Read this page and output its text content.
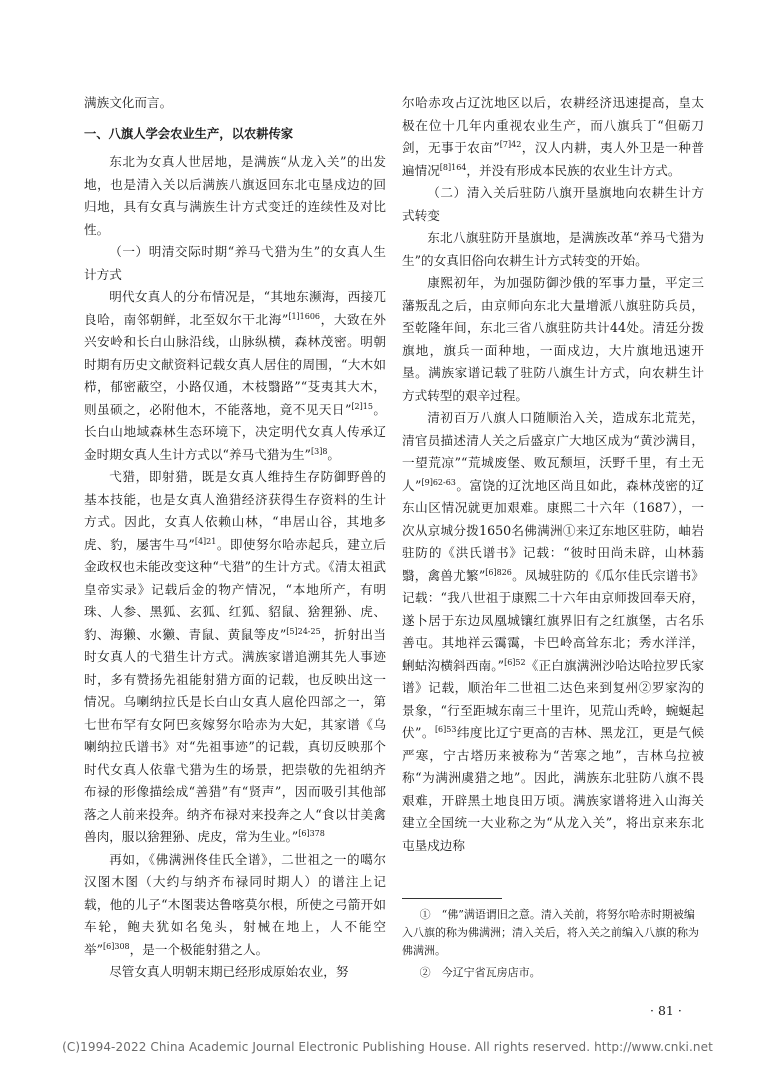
满族文化而言。

一、八旗人学会农业生产，以农耕传家

东北为女真人世居地，是满族“从龙入关”的出发地，也是清入关以后满族八旗返回东北屯垦戍边的回归地，具有女真与满族生计方式变迁的连续性及对比性。

（一）明清交际时期“养马弋猎为生”的女真人生计方式

明代女真人的分布情况是，“其地东濒海，西接兀良哈，南邻朝鲜，北至奴尔干北海”$^{[1]1606}$，大致在外兴安岭和长白山脉沿线，山脉纵横，森林茂密。明朝时期有历史文献资料记载女真人居住的周围，“大木如栉，郁密蔽空，小路仅通，木枝翳路”“芟夷其大木，则虽硕之，必附他木，不能落地，竟不见天日”$^{[2]15}$。长白山地域森林生态环境下，决定明代女真人传承辽金时期女真人生计方式以“养马弋猎为生”$^{[3]8}$。

弋猎，即射猎，既是女真人维持生存防御野兽的基本技能，也是女真人渔猎经济获得生存资料的生计方式。因此，女真人依赖山林，“串居山谷，其地多虎、豹，屡害牛马”$^{[4]21}$。即使努尔哈赤起兵，建立后金政权也未能改变这种“弋猎”的生计方式。《清太祖武皇帝实录》记载后金的物产情况，“本地所产，有明珠、人参、黑狐、玄狐、红狐、貂鼠、猞狸狲、虎、豹、海獭、水獭、青鼠、黄鼠等皮”$^{[5]24-25}$，折射出当时女真人的弋猎生计方式。满族家谱追溯其先人事迹时，多有赞扬先祖能射猎方面的记载，也反映出这一情况。乌喇纳拉氏是长白山女真人扈伦四部之一，第七世布罕有女阿巴亥嫁努尔哈赤为大妃，其家谱《乌喇纳拉氏谱书》对“先祖事迹”的记载，真切反映那个时代女真人依靠弋猎为生的场景，把崇敬的先祖纳齐布禄的形像描绘成“善猎”有“贤声”，因而吸引其他部落之人前来投奔。纳齐布禄对来投奔之人“食以甘美禽兽肉，服以猞狸狲、虎皮，常为生业。”$^{[6]378}$

再如，《佛满洲佟佳氏全谱》，二世祖之一的噶尔汉图木图（大约与纳齐布禄同时期人）的谱注上记载，他的儿子“木图裴达鲁喀莫尔根，所使之弓箭开如车轮，鲍夫犹如名兔头，射械在地上，人不能空举”$^{[6]308}$，是一个极能射猎之人。

尽管女真人明朝末期已经形成原始农业，努

尔哈赤攻占辽沈地区以后，农耕经济迅速提高，皇太极在位十几年内重视农业生产，而八旗兵丁“但砺刀剑，无事于农亩”$^{[7]42}$，汉人内耕，夷人外卫是一种普遍情况$^{[8]164}$，并没有形成本民族的农业生计方式。

（二）清入关后驻防八旗开垦旗地向农耕生计方式转变

东北八旗驻防开垦旗地，是满族改革“养马弋猎为生”的女真旧俗向农耕生计方式转变的开始。

康熙初年，为加强防御沙俄的军事力量，平定三藩叛乱之后，由京师向东北大量增派八旗驻防兵员，至乾隆年间，东北三省八旗驻防共计44处。清廷分拨旗地，旗兵一面种地，一面戍边，大片旗地迅速开垦。满族家谱记载了驻防八旗生计方式，向农耕生计方式转型的艰辛过程。

清初百万八旗人口随顺治入关，造成东北荒芜，清官员描述清人关之后盛京广大地区成为“黄沙满目，一望荒凉”“荒城废堡、败瓦颓垣，沃野千里，有土无人”$^{[9]62-63}$。富饶的辽沈地区尚且如此，森林茂密的辽东山区情况就更加艰难。康熙二十六年（1687），一次从京城分拨1650名佛满洲①来辽东地区驻防，岫岩驻防的《洪氏谱书》记载：“彼时田尚未辟，山林蓊翳，禽兽尤繁”$^{[6]826}$。凤城驻防的《瓜尔佳氏宗谱书》记载：“我八世祖于康熙二十六年由京师拨回奉天府，遂卜居于东边凤凰城镶红旗界旧有之红旗堡，古名乐善屯。其地祥云霭霭，卡巴岭高耸东北；秀水洋洋，蜊蛄沟横斜西南。”$^{[6]52}$《正白旗满洲沙哈达哈拉罗氏家谱》记载，顺治年二世祖二达色来到复州②罗家沟的景象，“行至距城东南三十里许，见荒山秃岭，蜿蜒起伏”。$^{[6]53}$纬度比辽宁更高的吉林、黑龙江，更是气候严寒，宁古塔历来被称为“苦寒之地”，吉林乌拉被称“为满洲虞猎之地”。因此，满族东北驻防八旗不畏艰难，开辟黑土地良田万顷。满族家谱将进入山海关建立全国统一大业称之为“从龙入关”，将出京来东北屯垦戍边称

①　“佛”满语谓旧之意。清入关前，将努尔哈赤时期被编入八旗的称为佛满洲；清入关后，将入关之前编入八旗的称为佛满洲。

②　今辽宁省瓦房店市。

· 81 ·
(C)1994-2022 China Academic Journal Electronic Publishing House. All rights reserved. http://www.cnki.net
